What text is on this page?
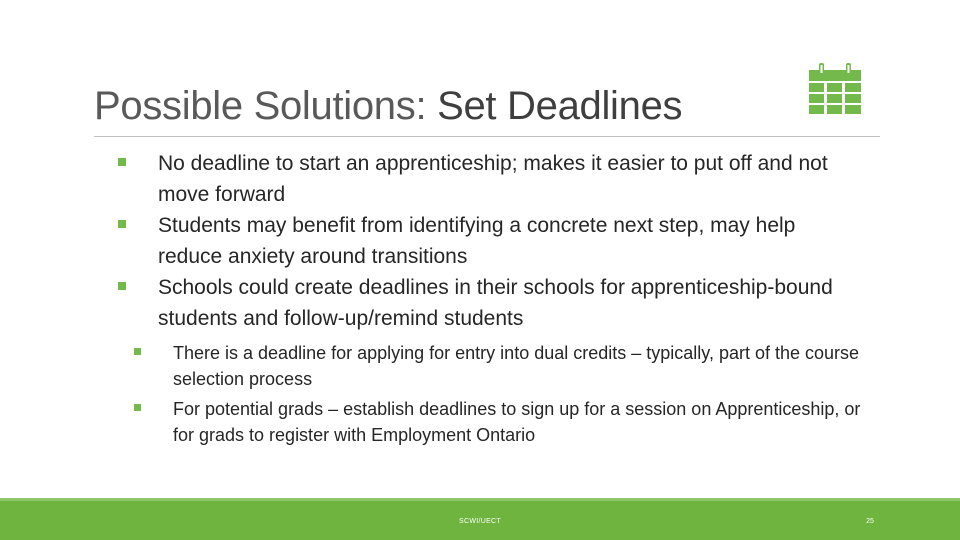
Possible Solutions: Set Deadlines
No deadline to start an apprenticeship; makes it easier to put off and not move forward
Students may benefit from identifying a concrete next step, may help reduce anxiety around transitions
Schools could create deadlines in their schools for apprenticeship-bound students and follow-up/remind students
There is a deadline for applying for entry into dual credits – typically, part of the course selection process
For potential grads – establish deadlines to sign up for a session on Apprenticeship, or for grads to register with Employment Ontario
SCWI/UECT	25
